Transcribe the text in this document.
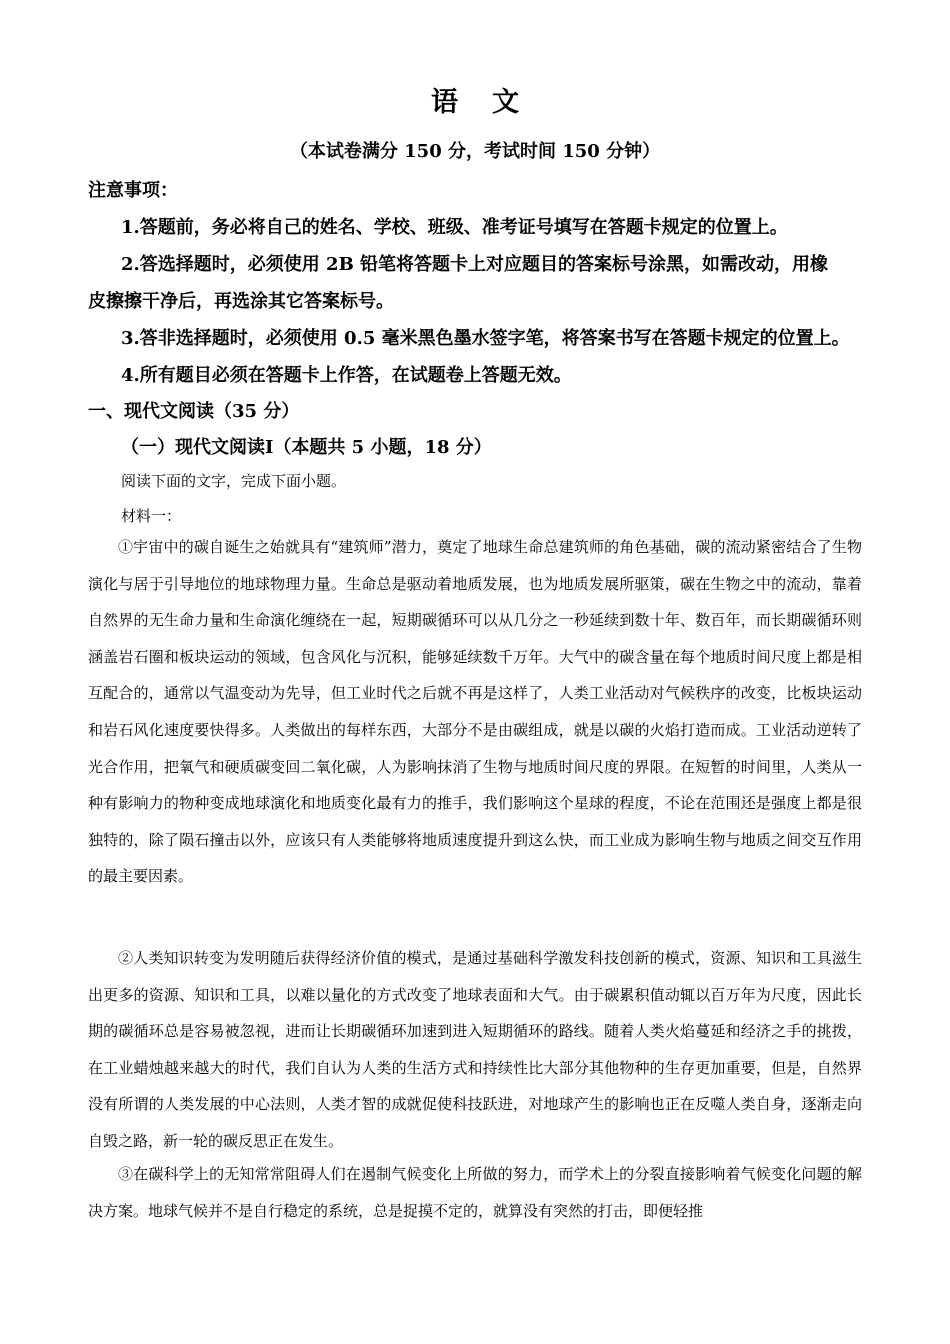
语文
（本试卷满分 150 分，考试时间 150 分钟）
注意事项：
1.答题前，务必将自己的姓名、学校、班级、准考证号填写在答题卡规定的位置上。
2.答选择题时，必须使用 2B 铅笔将答题卡上对应题目的答案标号涂黑，如需改动，用橡
皮擦擦干净后，再选涂其它答案标号。
3.答非选择题时，必须使用 0.5 毫米黑色墨水签字笔，将答案书写在答题卡规定的位置上。
4.所有题目必须在答题卡上作答，在试题卷上答题无效。
一、现代文阅读（35 分）
（一）现代文阅读Ⅰ（本题共 5 小题，18 分）
阅读下面的文字，完成下面小题。
材料一：

①宇宙中的碳自诞生之始就具有“建筑师”潜力，奠定了地球生命总建筑师的角色基础，碳的流动紧密结合了生物演化与居于引导地位的地球物理力量。生命总是驱动着地质发展，也为地质发展所驱策，碳在生物之中的流动，靠着自然界的无生命力量和生命演化缠绕在一起，短期碳循环可以从几分之一秒延续到数十年、数百年，而长期碳循环则涵盖岩石圈和板块运动的领域，包含风化与沉积，能够延续数千万年。大气中的碳含量在每个地质时间尺度上都是相互配合的，通常以气温变动为先导，但工业时代之后就不再是这样了，人类工业活动对气候秩序的改变，比板块运动和岩石风化速度要快得多。人类做出的每样东西，大部分不是由碳组成，就是以碳的火焰打造而成。工业活动逆转了光合作用，把氧气和硬质碳变回二氧化碳，人为影响抹消了生物与地质时间尺度的界限。在短暂的时间里，人类从一种有影响力的物种变成地球演化和地质变化最有力的推手，我们影响这个星球的程度，不论在范围还是强度上都是很独特的，除了陨石撞击以外，应该只有人类能够将地质速度提升到这么快，而工业成为影响生物与地质之间交互作用的最主要因素。

②人类知识转变为发明随后获得经济价值的模式，是通过基础科学激发科技创新的模式，资源、知识和工具滋生出更多的资源、知识和工具，以难以量化的方式改变了地球表面和大气。由于碳累积值动辄以百万年为尺度，因此长期的碳循环总是容易被忽视，进而让长期碳循环加速到进入短期循环的路线。随着人类火焰蔓延和经济之手的挑拨，在工业蜡烛越来越大的时代，我们自认为人类的生活方式和持续性比大部分其他物种的生存更加重要，但是，自然界没有所谓的人类发展的中心法则，人类才智的成就促使科技跃进，对地球产生的影响也正在反噬人类自身，逐渐走向自毁之路，新一轮的碳反思正在发生。

③在碳科学上的无知常常阻碍人们在遏制气候变化上所做的努力，而学术上的分裂直接影响着气候变化问题的解决方案。地球气候并不是自行稳定的系统，总是捉摸不定的，就算没有突然的打击，即便轻推
